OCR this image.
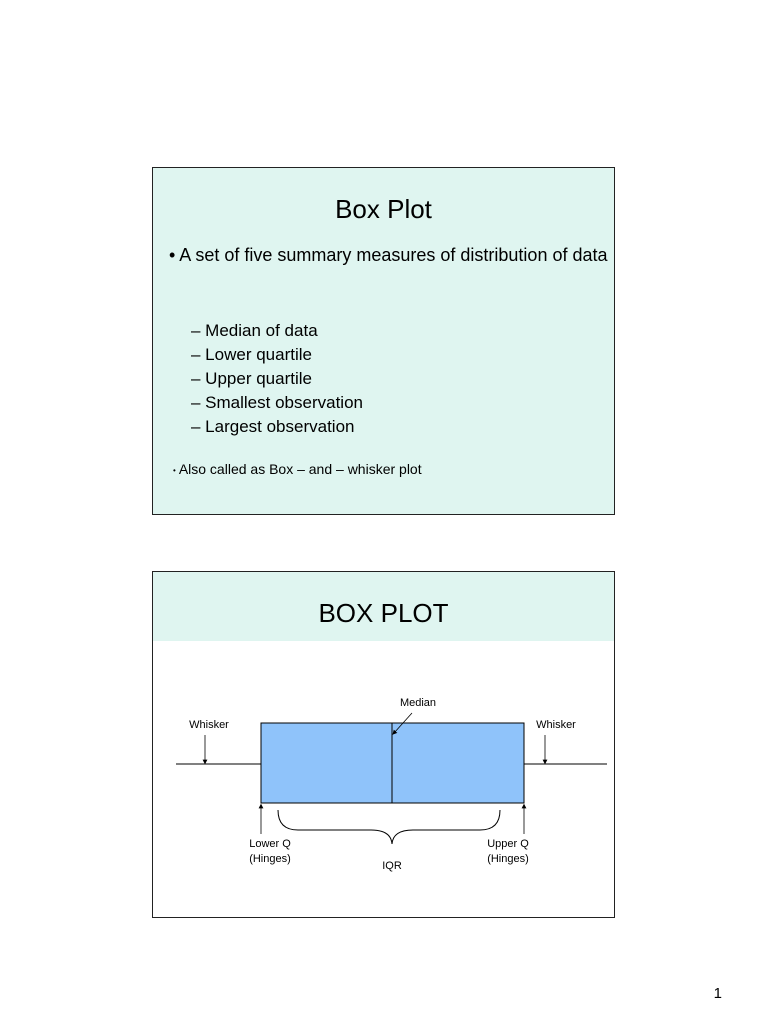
Box Plot
• A set of five summary measures of distribution of data
– Median of data
– Lower quartile
– Upper quartile
– Smallest observation
– Largest observation
• Also called as Box – and – whisker plot
BOX PLOT
Median
Whisker	Whisker
Lower Q
(Hinges)
Upper Q
(Hinges)
IQR
1
